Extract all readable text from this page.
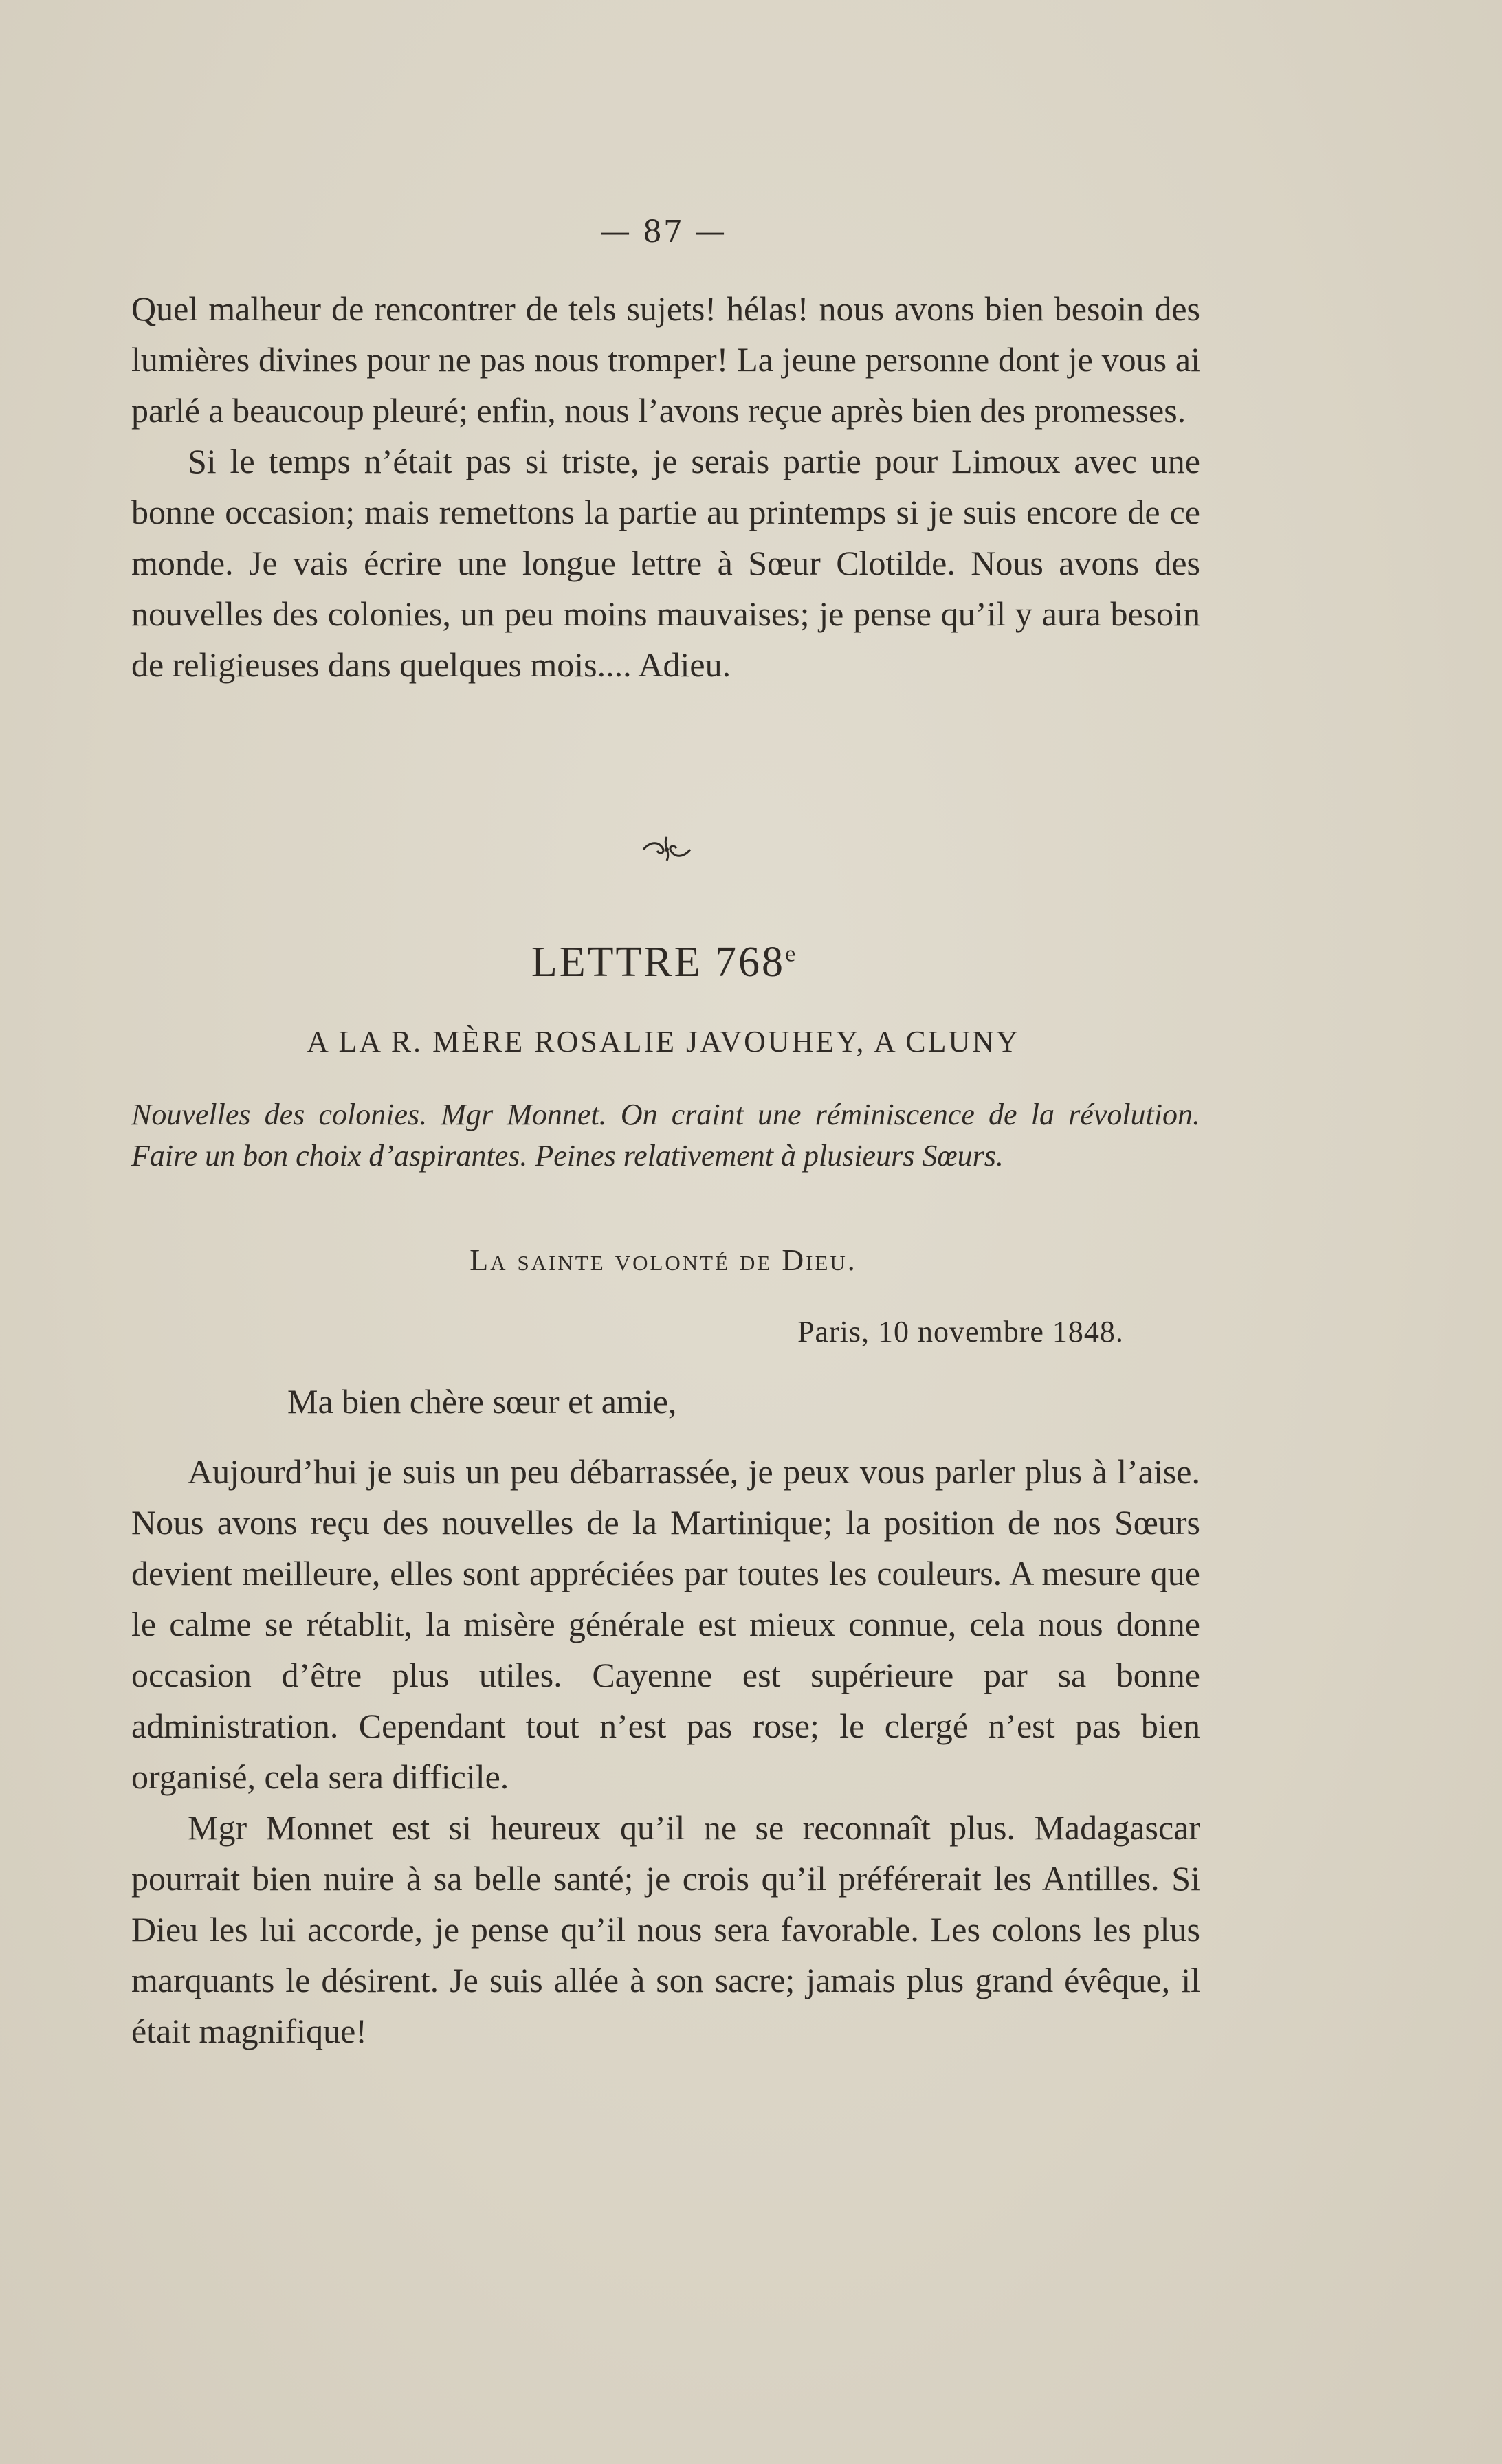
— 87 —

Quel malheur de rencontrer de tels sujets! hélas! nous avons bien besoin des lumières divines pour ne pas nous tromper! La jeune personne dont je vous ai parlé a beaucoup pleuré; enfin, nous l’avons reçue après bien des promesses.

Si le temps n’était pas si triste, je serais partie pour Limoux avec une bonne occasion; mais remettons la partie au printemps si je suis encore de ce monde. Je vais écrire une longue lettre à Sœur Clotilde. Nous avons des nouvelles des colonies, un peu moins mauvaises; je pense qu’il y aura besoin de religieuses dans quelques mois.... Adieu.

LETTRE 768e
A LA R. MÈRE ROSALIE JAVOUHEY, A CLUNY

Nouvelles des colonies. Mgr Monnet. On craint une réminiscence de la révolution. Faire un bon choix d’aspirantes. Peines relativement à plusieurs Sœurs.

La sainte volonté de Dieu.
Paris, 10 novembre 1848.
Ma bien chère sœur et amie,

Aujourd’hui je suis un peu débarrassée, je peux vous parler plus à l’aise. Nous avons reçu des nouvelles de la Martinique; la position de nos Sœurs devient meilleure, elles sont appréciées par toutes les couleurs. A mesure que le calme se rétablit, la misère générale est mieux connue, cela nous donne occasion d’être plus utiles. Cayenne est supérieure par sa bonne administration. Cependant tout n’est pas rose; le clergé n’est pas bien organisé, cela sera difficile.

Mgr Monnet est si heureux qu’il ne se reconnaît plus. Madagascar pourrait bien nuire à sa belle santé; je crois qu’il préférerait les Antilles. Si Dieu les lui accorde, je pense qu’il nous sera favorable. Les colons les plus marquants le désirent. Je suis allée à son sacre; jamais plus grand évêque, il était magnifique!
